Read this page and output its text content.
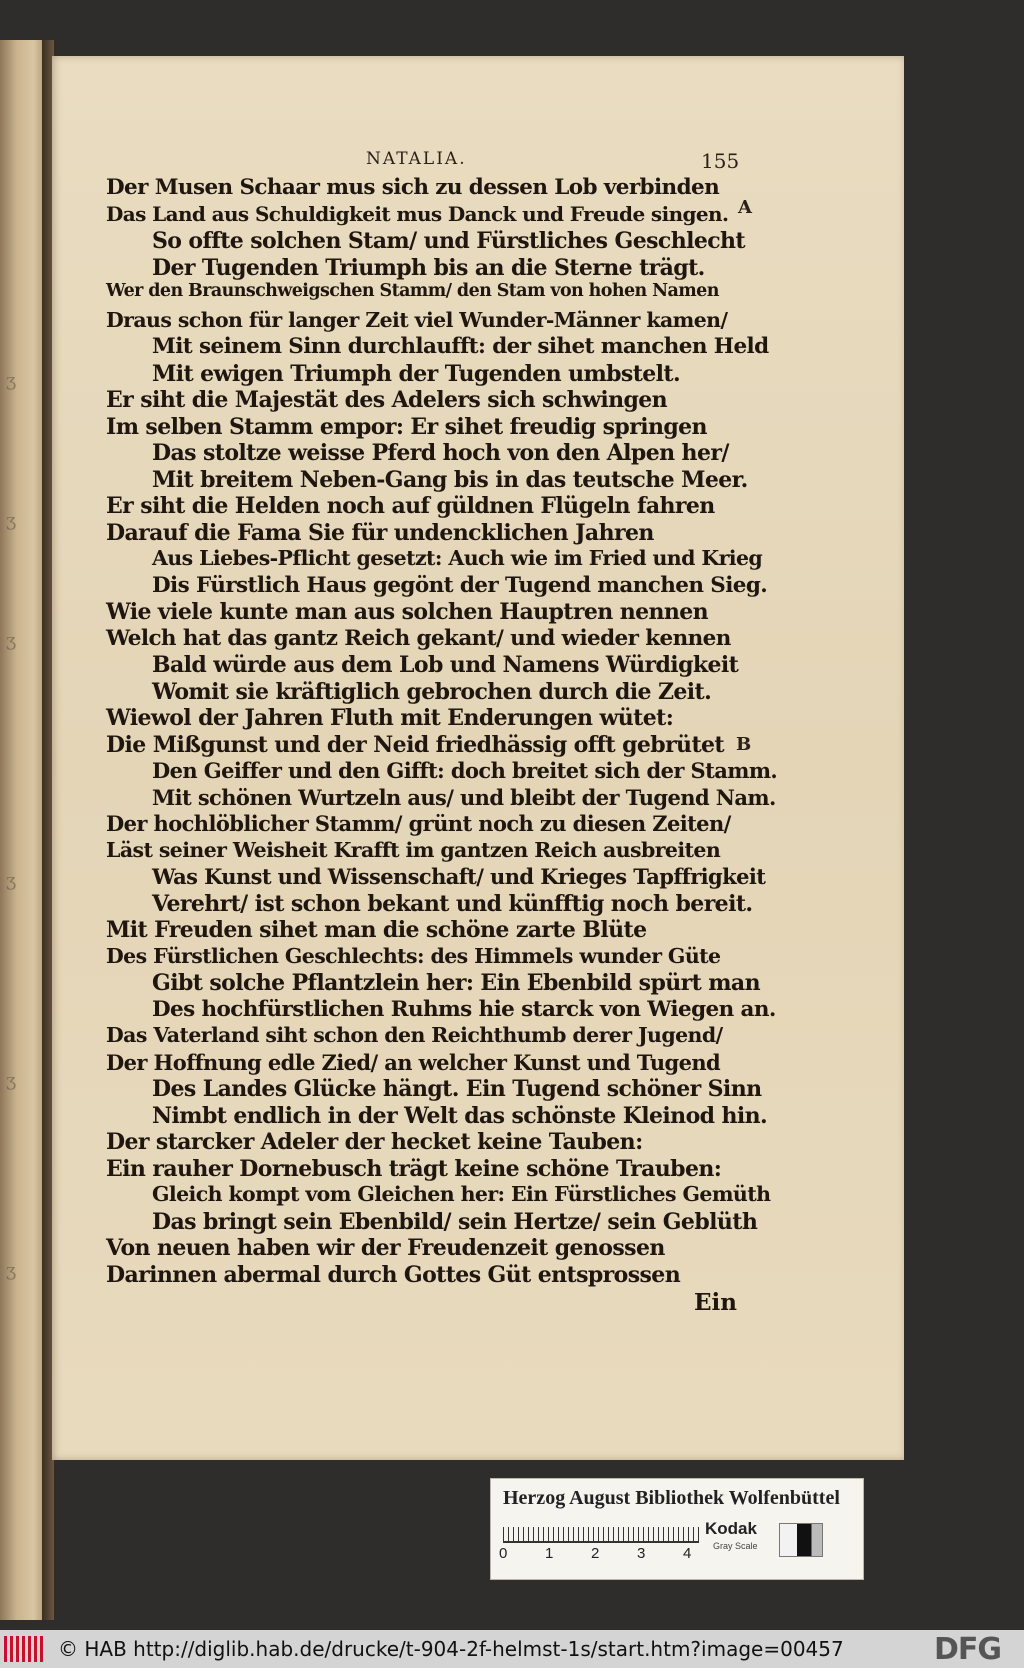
ʒ
ʒ
ʒ
ʒ
ʒ
ʒ
NATALIA.	155
A
B
Der Musen Schaar mus sich zu dessen Lob verbinden
Das Land aus Schuldigkeit mus Danck und Freude singen.
So offte solchen Stam/ und Fürstliches Geschlecht
Der Tugenden Triumph bis an die Sterne trägt.
Wer den Braunschweigschen Stamm/ den Stam von hohen Namen
Draus schon für langer Zeit viel Wunder-Männer kamen/
Mit seinem Sinn durchlaufft: der sihet manchen Held
Mit ewigen Triumph der Tugenden umbstelt.
Er siht die Majestät des Adelers sich schwingen
Im selben Stamm empor: Er sihet freudig springen
Das stoltze weisse Pferd hoch von den Alpen her/
Mit breitem Neben-Gang bis in das teutsche Meer.
Er siht die Helden noch auf güldnen Flügeln fahren
Darauf die Fama Sie für undencklichen Jahren
Aus Liebes-Pflicht gesetzt: Auch wie im Fried und Krieg
Dis Fürstlich Haus gegönt der Tugend manchen Sieg.
Wie viele kunte man aus solchen Hauptren nennen
Welch hat das gantz Reich gekant/ und wieder kennen
Bald würde aus dem Lob und Namens Würdigkeit
Womit sie kräftiglich gebrochen durch die Zeit.
Wiewol der Jahren Fluth mit Enderungen wütet:
Die Mißgunst und der Neid friedhässig offt gebrütet
Den Geiffer und den Gifft: doch breitet sich der Stamm.
Mit schönen Wurtzeln aus/ und bleibt der Tugend Nam.
Der hochlöblicher Stamm/ grünt noch zu diesen Zeiten/
Läst seiner Weisheit Krafft im gantzen Reich ausbreiten
Was Kunst und Wissenschaft/ und Krieges Tapffrigkeit
Verehrt/ ist schon bekant und künfftig noch bereit.
Mit Freuden sihet man die schöne zarte Blüte
Des Fürstlichen Geschlechts: des Himmels wunder Güte
Gibt solche Pflantzlein her: Ein Ebenbild spürt man
Des hochfürstlichen Ruhms hie starck von Wiegen an.
Das Vaterland siht schon den Reichthumb derer Jugend/
Der Hoffnung edle Zied/ an welcher Kunst und Tugend
Des Landes Glücke hängt. Ein Tugend schöner Sinn
Nimbt endlich in der Welt das schönste Kleinod hin.
Der starcker Adeler der hecket keine Tauben:
Ein rauher Dornebusch trägt keine schöne Trauben:
Gleich kompt vom Gleichen her: Ein Fürstliches Gemüth
Das bringt sein Ebenbild/ sein Hertze/ sein Geblüth
Von neuen haben wir der Freudenzeit genossen
Darinnen abermal durch Gottes Güt entsprossen
Ein
Herzog August Bibliothek Wolfenbüttel
0	1	2	3	4
Kodak
Gray Scale
© HAB http://diglib.hab.de/drucke/t-904-2f-helmst-1s/start.htm?image=00457	DFG
